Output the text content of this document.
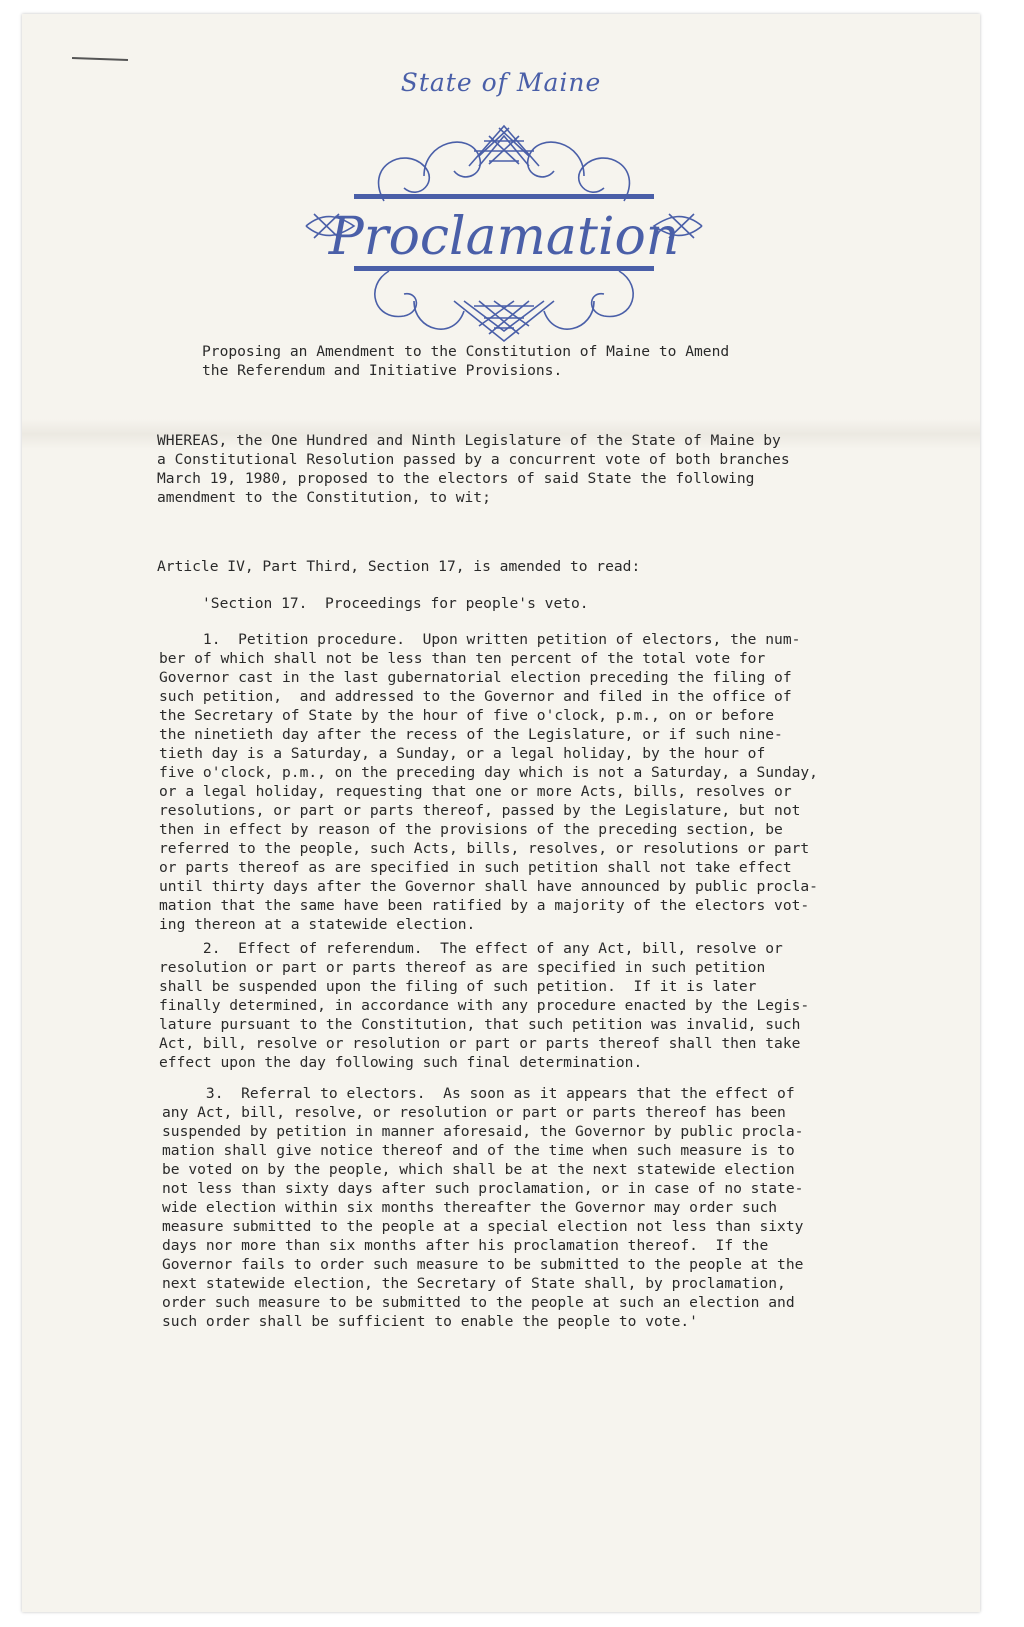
State of Maine
Proclamation
Proposing an Amendment to the Constitution of Maine to Amend
the Referendum and Initiative Provisions.
WHEREAS, the One Hundred and Ninth Legislature of the State of Maine by
a Constitutional Resolution passed by a concurrent vote of both branches
March 19, 1980, proposed to the electors of said State the following
amendment to the Constitution, to wit;
Article IV, Part Third, Section 17, is amended to read:
'Section 17.  Proceedings for people's veto.
1.  Petition procedure.  Upon written petition of electors, the num-
ber of which shall not be less than ten percent of the total vote for
Governor cast in the last gubernatorial election preceding the filing of
such petition,  and addressed to the Governor and filed in the office of
the Secretary of State by the hour of five o'clock, p.m., on or before
the ninetieth day after the recess of the Legislature, or if such nine-
tieth day is a Saturday, a Sunday, or a legal holiday, by the hour of
five o'clock, p.m., on the preceding day which is not a Saturday, a Sunday,
or a legal holiday, requesting that one or more Acts, bills, resolves or
resolutions, or part or parts thereof, passed by the Legislature, but not
then in effect by reason of the provisions of the preceding section, be
referred to the people, such Acts, bills, resolves, or resolutions or part
or parts thereof as are specified in such petition shall not take effect
until thirty days after the Governor shall have announced by public procla-
mation that the same have been ratified by a majority of the electors vot-
ing thereon at a statewide election.
2.  Effect of referendum.  The effect of any Act, bill, resolve or
resolution or part or parts thereof as are specified in such petition
shall be suspended upon the filing of such petition.  If it is later
finally determined, in accordance with any procedure enacted by the Legis-
lature pursuant to the Constitution, that such petition was invalid, such
Act, bill, resolve or resolution or part or parts thereof shall then take
effect upon the day following such final determination.
3.  Referral to electors.  As soon as it appears that the effect of
any Act, bill, resolve, or resolution or part or parts thereof has been
suspended by petition in manner aforesaid, the Governor by public procla-
mation shall give notice thereof and of the time when such measure is to
be voted on by the people, which shall be at the next statewide election
not less than sixty days after such proclamation, or in case of no state-
wide election within six months thereafter the Governor may order such
measure submitted to the people at a special election not less than sixty
days nor more than six months after his proclamation thereof.  If the
Governor fails to order such measure to be submitted to the people at the
next statewide election, the Secretary of State shall, by proclamation,
order such measure to be submitted to the people at such an election and
such order shall be sufficient to enable the people to vote.'
